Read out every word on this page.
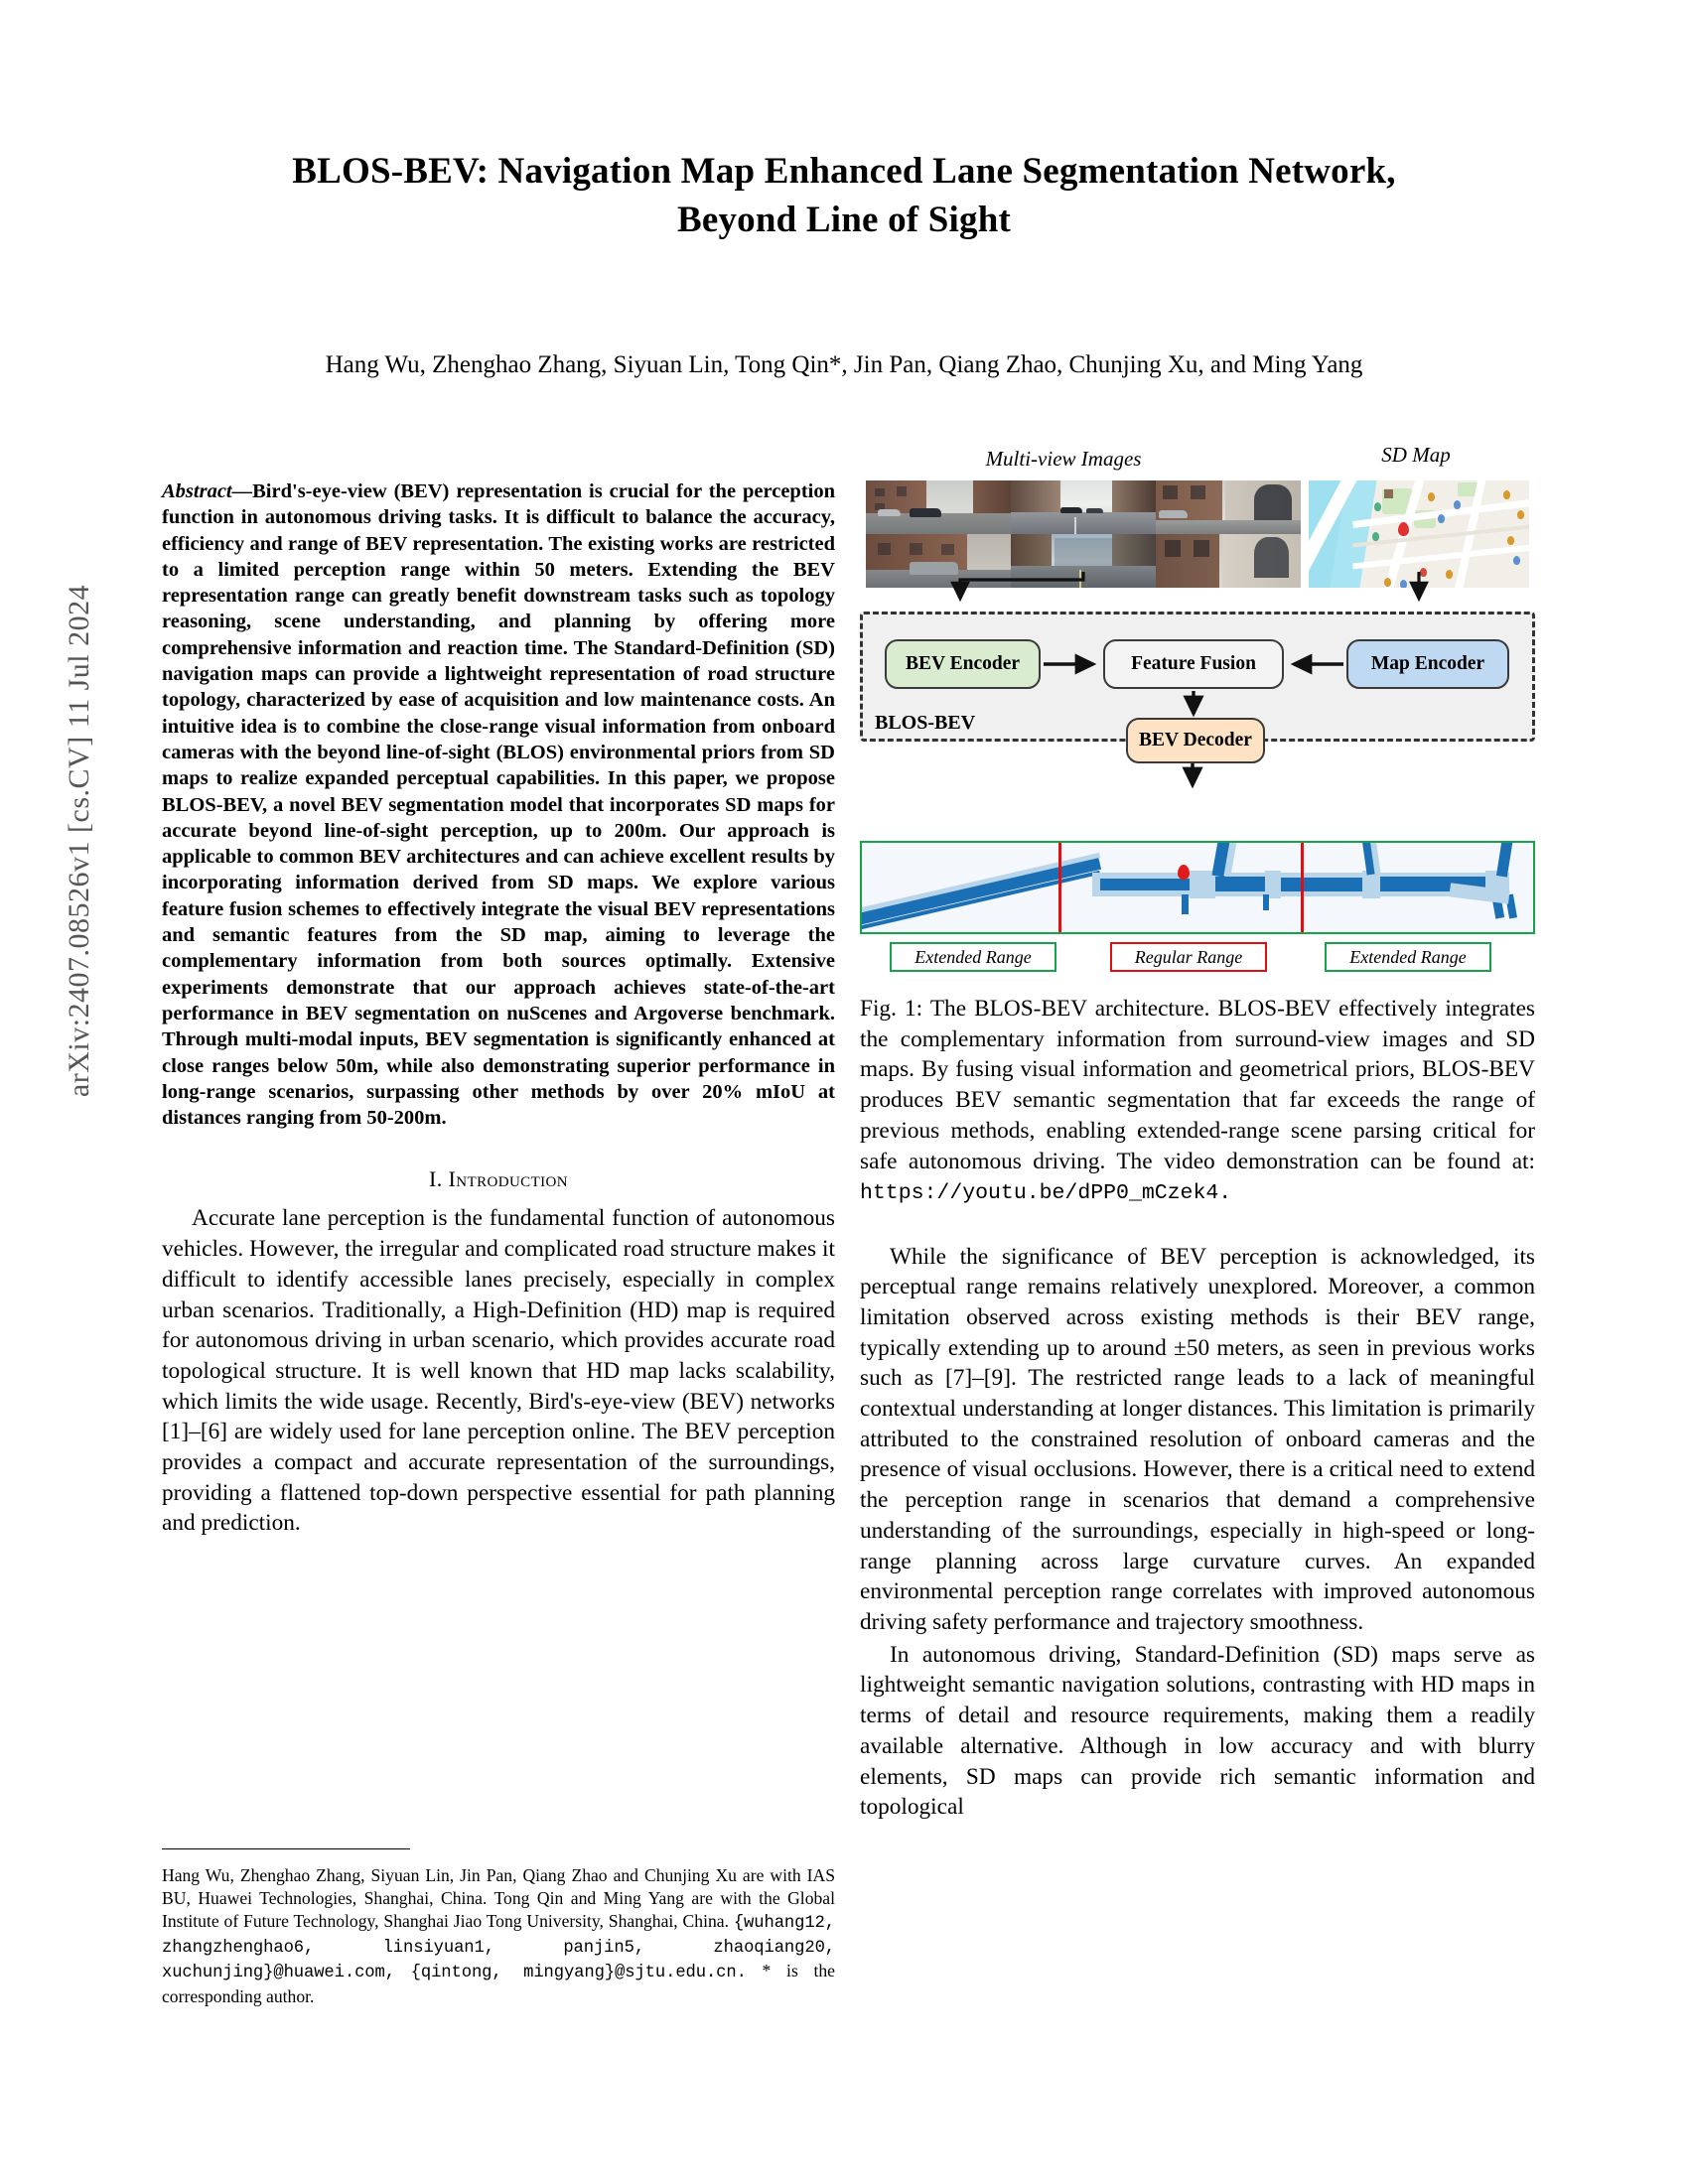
arXiv:2407.08526v1 [cs.CV] 11 Jul 2024
BLOS-BEV: Navigation Map Enhanced Lane Segmentation Network,
Beyond Line of Sight
Hang Wu, Zhenghao Zhang, Siyuan Lin, Tong Qin*, Jin Pan, Qiang Zhao, Chunjing Xu, and Ming Yang
Abstract—Bird's-eye-view (BEV) representation is crucial for the perception function in autonomous driving tasks. It is difficult to balance the accuracy, efficiency and range of BEV representation. The existing works are restricted to a limited perception range within 50 meters. Extending the BEV representation range can greatly benefit downstream tasks such as topology reasoning, scene understanding, and planning by offering more comprehensive information and reaction time. The Standard-Definition (SD) navigation maps can provide a lightweight representation of road structure topology, characterized by ease of acquisition and low maintenance costs. An intuitive idea is to combine the close-range visual information from onboard cameras with the beyond line-of-sight (BLOS) environmental priors from SD maps to realize expanded perceptual capabilities. In this paper, we propose BLOS-BEV, a novel BEV segmentation model that incorporates SD maps for accurate beyond line-of-sight perception, up to 200m. Our approach is applicable to common BEV architectures and can achieve excellent results by incorporating information derived from SD maps. We explore various feature fusion schemes to effectively integrate the visual BEV representations and semantic features from the SD map, aiming to leverage the complementary information from both sources optimally. Extensive experiments demonstrate that our approach achieves state-of-the-art performance in BEV segmentation on nuScenes and Argoverse benchmark. Through multi-modal inputs, BEV segmentation is significantly enhanced at close ranges below 50m, while also demonstrating superior performance in long-range scenarios, surpassing other methods by over 20% mIoU at distances ranging from 50-200m.
I. Introduction

Accurate lane perception is the fundamental function of autonomous vehicles. However, the irregular and complicated road structure makes it difficult to identify accessible lanes precisely, especially in complex urban scenarios. Traditionally, a High-Definition (HD) map is required for autonomous driving in urban scenario, which provides accurate road topological structure. It is well known that HD map lacks scalability, which limits the wide usage. Recently, Bird's-eye-view (BEV) networks [1]–[6] are widely used for lane perception online. The BEV perception provides a compact and accurate representation of the surroundings, providing a flattened top-down perspective essential for path planning and prediction.

Hang Wu, Zhenghao Zhang, Siyuan Lin, Jin Pan, Qiang Zhao and Chunjing Xu are with IAS BU, Huawei Technologies, Shanghai, China. Tong Qin and Ming Yang are with the Global Institute of Future Technology, Shanghai Jiao Tong University, Shanghai, China. {wuhang12, zhangzhenghao6, linsiyuan1, panjin5, zhaoqiang20, xuchunjing}@huawei.com, {qintong, mingyang}@sjtu.edu.cn. * is the corresponding author.
Multi-view Images	SD Map
BEV Encoder	Feature Fusion	Map Encoder
BEV Decoder
BLOS-BEV
Extended Range	Regular Range	Extended Range
Fig. 1: The BLOS-BEV architecture. BLOS-BEV effectively integrates the complementary information from surround-view images and SD maps. By fusing visual information and geometrical priors, BLOS-BEV produces BEV semantic segmentation that far exceeds the range of previous methods, enabling extended-range scene parsing critical for safe autonomous driving. The video demonstration can be found at: https://youtu.be/dPP0_mCzek4.

While the significance of BEV perception is acknowledged, its perceptual range remains relatively unexplored. Moreover, a common limitation observed across existing methods is their BEV range, typically extending up to around ±50 meters, as seen in previous works such as [7]–[9]. The restricted range leads to a lack of meaningful contextual understanding at longer distances. This limitation is primarily attributed to the constrained resolution of onboard cameras and the presence of visual occlusions. However, there is a critical need to extend the perception range in scenarios that demand a comprehensive understanding of the surroundings, especially in high-speed or long-range planning across large curvature curves. An expanded environmental perception range correlates with improved autonomous driving safety performance and trajectory smoothness.

In autonomous driving, Standard-Definition (SD) maps serve as lightweight semantic navigation solutions, contrasting with HD maps in terms of detail and resource requirements, making them a readily available alternative. Although in low accuracy and with blurry elements, SD maps can provide rich semantic information and topological
